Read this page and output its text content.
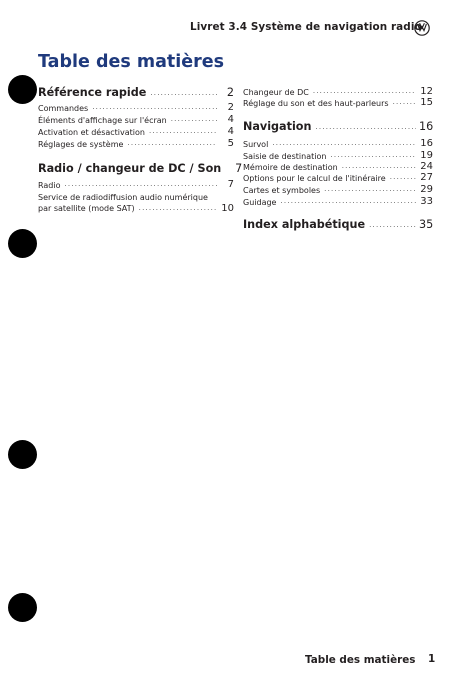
Livret 3.4 Système de navigation radio
Table des matières
Référence rapide .....	2
Commandes .....	2
Éléments d'affichage sur l'écran .....	4
Activation et désactivation .....	4
Réglages de système .....	5
Radio / changeur de DC / Son	7
Radio .....	7
Service de radiodiffusion audio numérique
par satellite (mode SAT) .....	10
Changeur de DC .....	12
Réglage du son et des haut-parleurs .....	15
Navigation .....	16
Survol .....	16
Saisie de destination .....	19
Mémoire de destination .....	24
Options pour le calcul de l'itinéraire .....	27
Cartes et symboles .....	29
Guidage .....	33
Index alphabétique .....	35
Table des matières 1
